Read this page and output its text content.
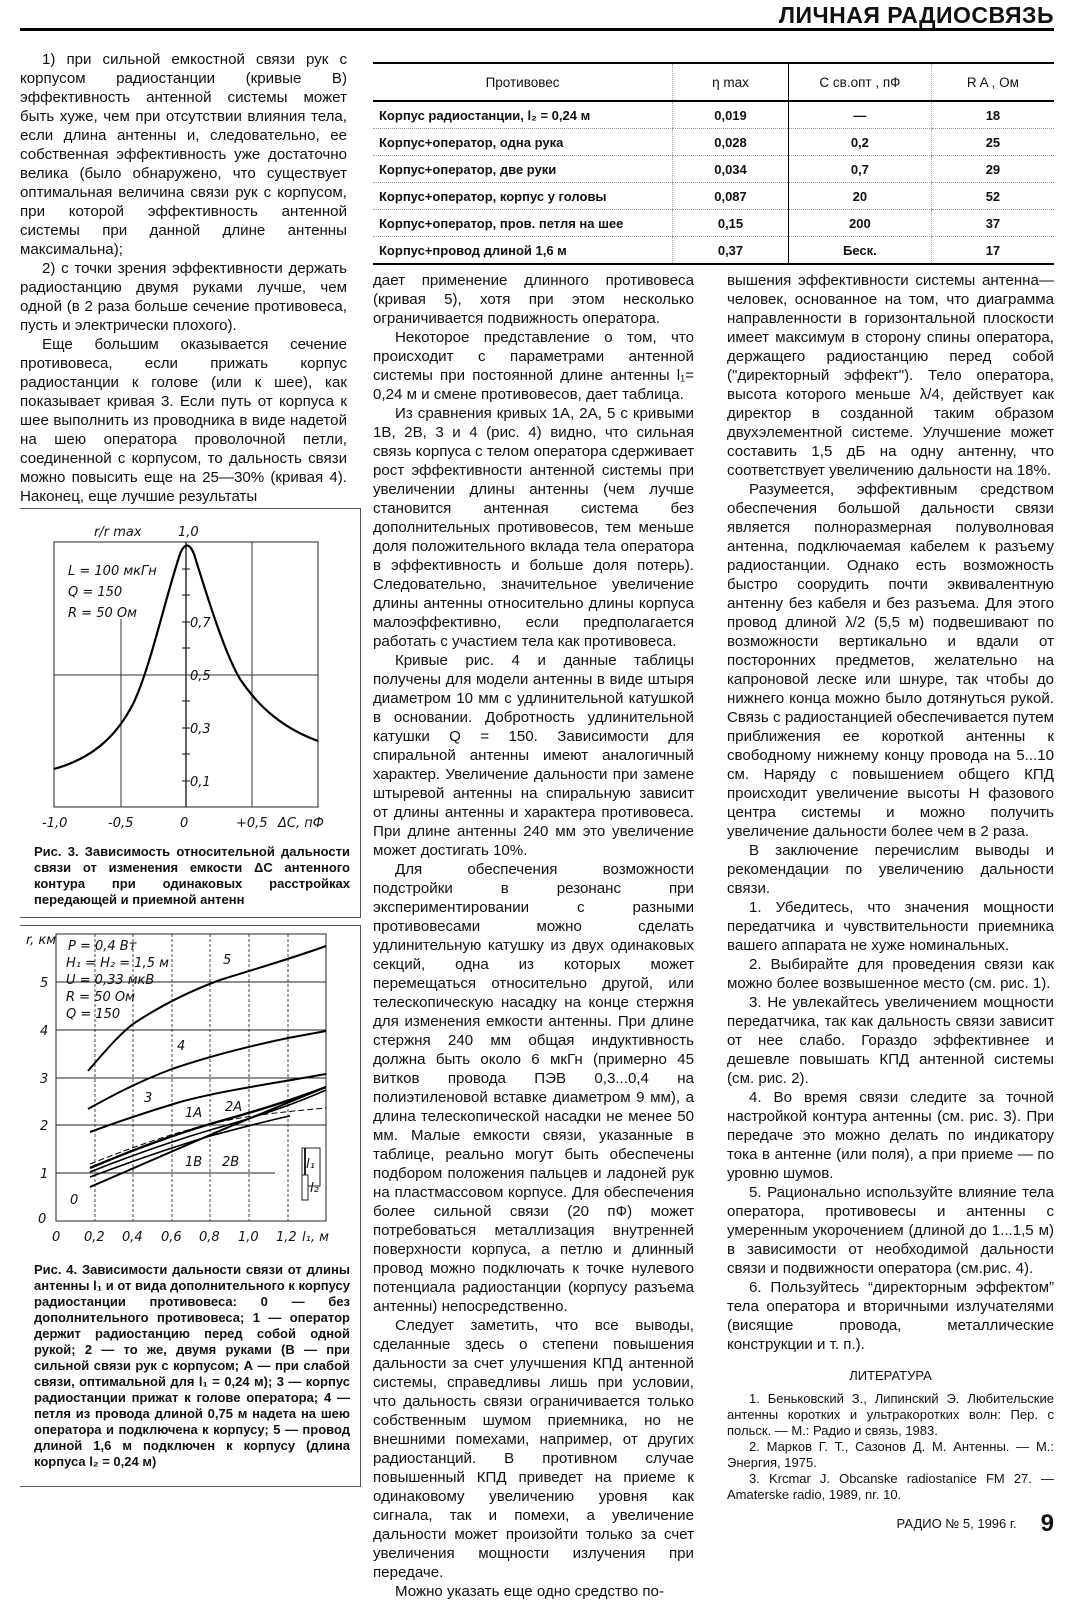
ЛИЧНАЯ РАДИОСВЯЗЬ

1) при сильной емкостной связи рук с корпусом радиостанции (кривые В) эффективность антенной системы может быть хуже, чем при отсутствии влияния тела, если длина антенны и, следовательно, ее собственная эффективность уже достаточно велика (было обнаружено, что существует оптимальная величина связи рук с корпусом, при которой эффективность антенной системы при данной длине антенны максимальна);

2) с точки зрения эффективности держать радиостанцию двумя руками лучше, чем одной (в 2 раза больше сечение противовеса, пусть и электрически плохого).

Еще большим оказывается сечение противовеса, если прижать корпус радиостанции к голове (или к шее), как показывает кривая 3. Если путь от корпуса к шее выполнить из проводника в виде надетой на шею оператора проволочной петли, соединенной с корпусом, то дальность связи можно повысить еще на 25—30% (кривая 4). Наконец, еще лучшие результаты

Противовес	η max	C св.опт , пФ	R A , Ом
Корпус радиостанции, l₂ = 0,24 м	0,019	—	18
Корпус+оператор, одна рука	0,028	0,2	25
Корпус+оператор, две руки	0,034	0,7	29
Корпус+оператор, корпус у головы	0,087	20	52
Корпус+оператор, пров. петля на шее	0,15	200	37
Корпус+провод длиной 1,6 м	0,37	Беск.	17
r/r max	1,0
0,7
0,5
0,3
0,1
L = 100 мкГн
Q = 150
R = 50 Ом
-1,0	-0,5	0	+0,5 ΔC, пФ
Рис. 3. Зависимость относительной дальности связи от изменения емкости ΔC антенного контура при одинаковых расстройках передающей и приемной антенн
l₁
l₂
5
4
3
1A 2A
1B 2B
0
P = 0,4 Вт
H₁ = H₂ = 1,5 м
U = 0,33 мкВ
R = 50 Ом
Q = 150
r, км
0
1
2
3
4
5
0 0,2 0,4 0,6 0,8 1,0 1,2 l₁, м
Рис. 4. Зависимости дальности связи от длины антенны l₁ и от вида дополнительного к корпусу радиостанции противовеса: 0 — без дополнительного противовеса; 1 — оператор держит радиостанцию перед собой одной рукой; 2 — то же, двумя руками (В — при сильной связи рук с корпусом; А — при слабой связи, оптимальной для l₁ = 0,24 м); 3 — корпус радиостанции прижат к голове оператора; 4 — петля из провода длиной 0,75 м надета на шею оператора и подключена к корпусу; 5 — провод длиной 1,6 м подключен к корпусу (длина корпуса l₂ = 0,24 м)

дает применение длинного противовеса (кривая 5), хотя при этом несколько ограничивается подвижность оператора.

Некоторое представление о том, что происходит с параметрами антенной системы при постоянной длине антенны l₁= 0,24 м и смене противовесов, дает таблица.

Из сравнения кривых 1А, 2А, 5 с кривыми 1В, 2В, 3 и 4 (рис. 4) видно, что сильная связь корпуса с телом оператора сдерживает рост эффективности антенной системы при увеличении длины антенны (чем лучше становится антенная система без дополнительных противовесов, тем меньше доля положительного вклада тела оператора в эффективность и больше доля потерь). Следовательно, значительное увеличение длины антенны относительно длины корпуса малоэффективно, если предполагается работать с участием тела как противовеса.

Кривые рис. 4 и данные таблицы получены для модели антенны в виде штыря диаметром 10 мм с удлинительной катушкой в основании. Добротность удлинительной катушки Q = 150. Зависимости для спиральной антенны имеют аналогичный характер. Увеличение дальности при замене штыревой антенны на спиральную зависит от длины антенны и характера противовеса. При длине антенны 240 мм это увеличение может достигать 10%.

Для обеспечения возможности подстройки в резонанс при экспериментировании с разными противовесами можно сделать удлинительную катушку из двух одинаковых секций, одна из которых может перемещаться относительно другой, или телескопическую насадку на конце стержня для изменения емкости антенны. При длине стержня 240 мм общая индуктивность должна быть около 6 мкГн (примерно 45 витков провода ПЭВ 0,3...0,4 на полиэтиленовой вставке диаметром 9 мм), а длина телескопической насадки не менее 50 мм. Малые емкости связи, указанные в таблице, реально могут быть обеспечены подбором положения пальцев и ладоней рук на пластмассовом корпусе. Для обеспечения более сильной связи (20 пФ) может потребоваться металлизация внутренней поверхности корпуса, а петлю и длинный провод можно подключать к точке нулевого потенциала радиостанции (корпусу разъема антенны) непосредственно.

Следует заметить, что все выводы, сделанные здесь о степени повышения дальности за счет улучшения КПД антенной системы, справедливы лишь при условии, что дальность связи ограничивается только собственным шумом приемника, но не внешними помехами, например, от других радиостанций. В противном случае повышенный КПД приведет на приеме к одинаковому увеличению уровня как сигнала, так и помехи, а увеличение дальности может произойти только за счет увеличения мощности излучения при передаче.

Можно указать еще одно средство по-

вышения эффективности системы антенна—человек, основанное на том, что диаграмма направленности в горизонтальной плоскости имеет максимум в сторону спины оператора, держащего радиостанцию перед собой ("директорный эффект"). Тело оператора, высота которого меньше λ/4, действует как директор в созданной таким образом двухэлементной системе. Улучшение может составить 1,5 дБ на одну антенну, что соответствует увеличению дальности на 18%.

Разумеется, эффективным средством обеспечения большой дальности связи является полноразмерная полуволновая антенна, подключаемая кабелем к разъему радиостанции. Однако есть возможность быстро соорудить почти эквивалентную антенну без кабеля и без разъема. Для этого провод длиной λ/2 (5,5 м) подвешивают по возможности вертикально и вдали от посторонних предметов, желательно на капроновой леске или шнуре, так чтобы до нижнего конца можно было дотянуться рукой. Связь с радиостанцией обеспечивается путем приближения ее короткой антенны к свободному нижнему концу провода на 5...10 см. Наряду с повышением общего КПД происходит увеличение высоты Н фазового центра системы и можно получить увеличение дальности более чем в 2 раза.

В заключение перечислим выводы и рекомендации по увеличению дальности связи.

1. Убедитесь, что значения мощности передатчика и чувствительности приемника вашего аппарата не хуже номинальных.

2. Выбирайте для проведения связи как можно более возвышенное место (см. рис. 1).

3. Не увлекайтесь увеличением мощности передатчика, так как дальность связи зависит от нее слабо. Гораздо эффективнее и дешевле повышать КПД антенной системы (см. рис. 2).

4. Во время связи следите за точной настройкой контура антенны (см. рис. 3). При передаче это можно делать по индикатору тока в антенне (или поля), а при приеме — по уровню шумов.

5. Рационально используйте влияние тела оператора, противовесы и антенны с умеренным укорочением (длиной до 1...1,5 м) в зависимости от необходимой дальности связи и подвижности оператора (см.рис. 4).

6. Пользуйтесь “директорным эффектом” тела оператора и вторичными излучателями (висящие провода, металлические конструкции и т. п.).

ЛИТЕРАТУРА

1. Беньковский З., Липинский Э. Любительские антенны коротких и ультракоротких волн: Пер. с польск. — М.: Радио и связь, 1983.

2. Марков Г. Т., Сазонов Д. М. Антенны. — М.: Энергия, 1975.

3. Krcmar J. Obcanske radiostanice FM 27. — Amaterske radio, 1989, nr. 10.

РАДИО № 5, 1996 г. 9
